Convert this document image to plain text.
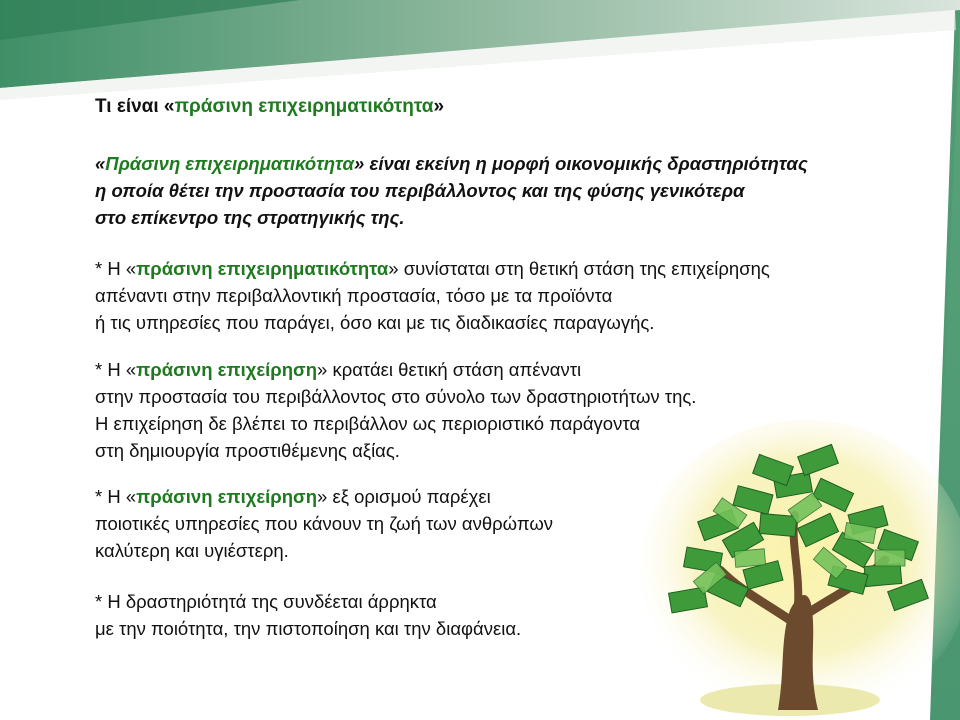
Τι είναι «πράσινη επιχειρηματικότητα»
«Πράσινη επιχειρηματικότητα» είναι εκείνη η μορφή οικονομικής δραστηριότητας
η οποία θέτει την προστασία του περιβάλλοντος και της φύσης γενικότερα
στο επίκεντρο της στρατηγικής της.
* Η «πράσινη επιχειρηματικότητα» συνίσταται στη θετική στάση της επιχείρησης
απέναντι στην περιβαλλοντική προστασία, τόσο με τα προϊόντα
ή τις υπηρεσίες που παράγει, όσο και με τις διαδικασίες παραγωγής.
* Η «πράσινη επιχείρηση» κρατάει θετική στάση απέναντι
στην προστασία του περιβάλλοντος στο σύνολο των δραστηριοτήτων της.
Η επιχείρηση δε βλέπει το περιβάλλον ως περιοριστικό παράγοντα
στη δημιουργία προστιθέμενης αξίας.
* Η «πράσινη επιχείρηση» εξ ορισμού παρέχει
ποιοτικές υπηρεσίες που κάνουν τη ζωή των ανθρώπων
καλύτερη και υγιέστερη.
* Η δραστηριότητά της συνδέεται άρρηκτα
με την ποιότητα, την πιστοποίηση και την διαφάνεια.
